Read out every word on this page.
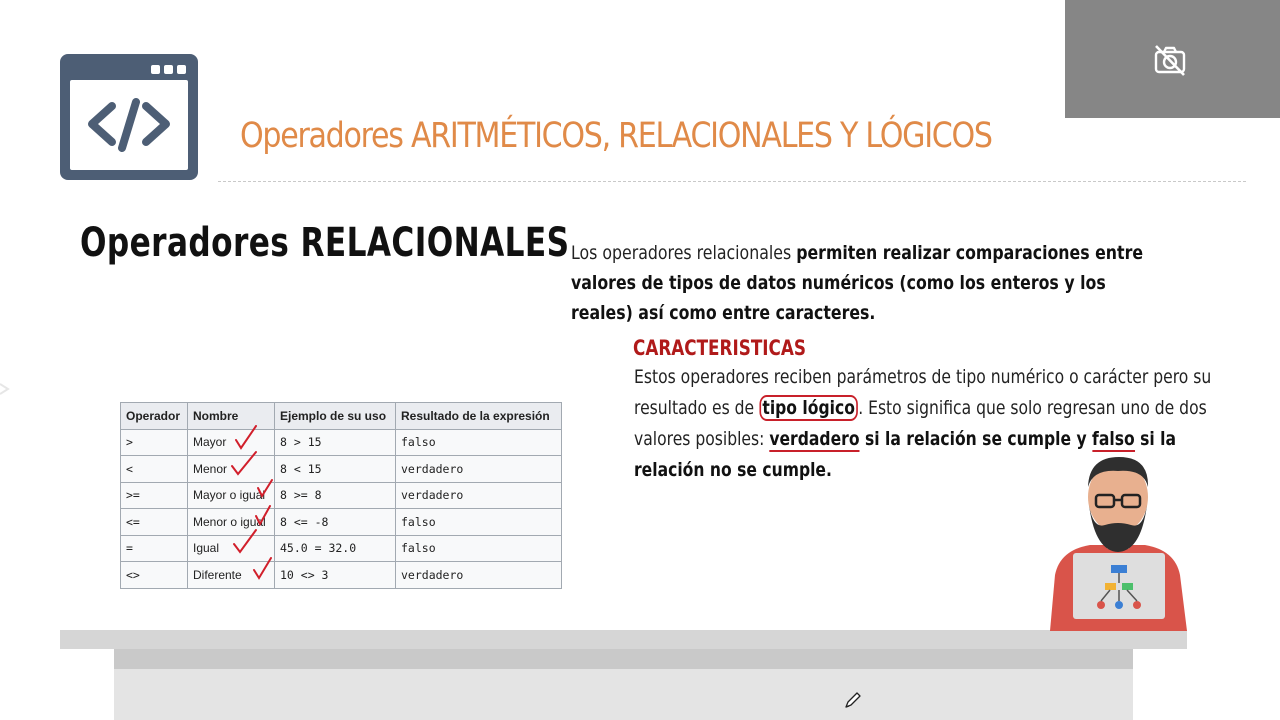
Operadores ARITMÉTICOS, RELACIONALES Y LÓGICOS
Operadores RELACIONALES Los operadores relacionales permiten realizar comparaciones entre valores de tipos de datos numéricos (como los enteros y los reales) así como entre caracteres.
CARACTERISTICAS
Estos operadores reciben parámetros de tipo numérico o carácter pero su resultado es de tipo lógico . Esto significa que solo regresan uno de dos valores posibles: verdadero si la relación se cumple y falso si la relación no se cumple.
Operador	Nombre	Ejemplo de su uso	Resultado de la expresión
>	Mayor	8 > 15	falso
<	Menor	8 < 15	verdadero
>=	Mayor o igual	8 >= 8	verdadero
<=	Menor o igual	8 <= -8	falso
=	Igual	45.0 = 32.0	falso
<>	Diferente	10 <> 3	verdadero
